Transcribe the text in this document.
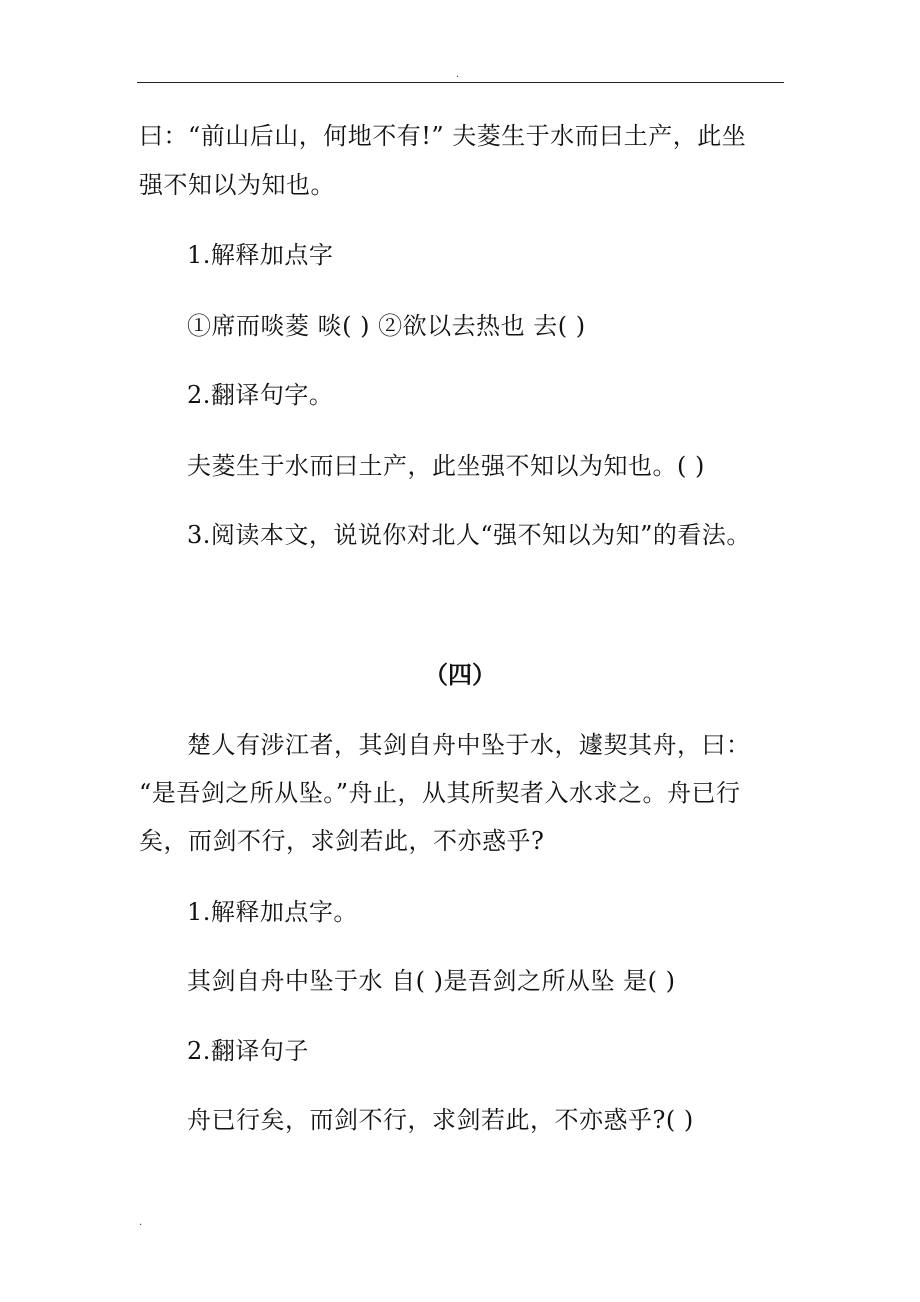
.
曰：“前山后山，何地不有!” 夫菱生于水而曰土产，此坐
强不知以为知也。
1.解释加点字
①席而啖菱 啖( ) ②欲以去热也 去( )
2.翻译句字。
夫菱生于水而曰土产，此坐强不知以为知也。( )
3.阅读本文，说说你对北人“强不知以为知”的看法。
（四）
楚人有涉江者，其剑自舟中坠于水，遽契其舟，曰：
“是吾剑之所从坠。”舟止，从其所契者入水求之。舟已行
矣，而剑不行，求剑若此，不亦惑乎?
1.解释加点字。
其剑自舟中坠于水 自( )是吾剑之所从坠 是( )
2.翻译句子
舟已行矣，而剑不行，求剑若此，不亦惑乎?( )
.
